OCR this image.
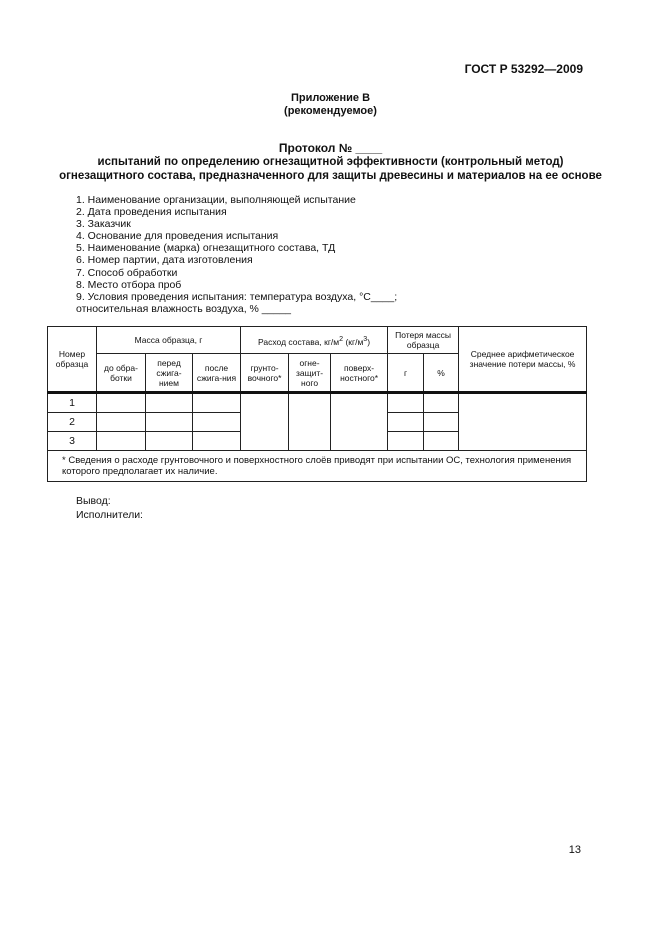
ГОСТ Р 53292—2009
Приложение В
(рекомендуемое)
Протокол № ____
испытаний по определению огнезащитной эффективности (контрольный метод)
огнезащитного состава, предназначенного для защиты древесины и материалов на ее основе
1. Наименование организации, выполняющей испытание
2. Дата проведения испытания
3. Заказчик
4. Основание для проведения испытания
5. Наименование (марка) огнезащитного состава, ТД
6. Номер партии, дата изготовления
7. Способ обработки
8. Место отбора проб
9. Условия проведения испытания: температура воздуха, °С____;
относительная влажность воздуха, % _____
Номер образца	Масса образца, г			Расход состава, $кг/м^2$ $(кг/м^3)$			Потеря массы образца		Среднее арифметическое значение потери массы, %
	до обра-ботки	перед сжига-нием	после сжига-ния	грунто-вочного*	огне-защит-ного	поверх-ностного*	г	%	
1									
2									
3									
* Сведения о расходе грунтовочного и поверхностного слоёв приводят при испытании ОС, технология применения которого предполагает их наличие.									
Вывод:
Исполнители:
13
